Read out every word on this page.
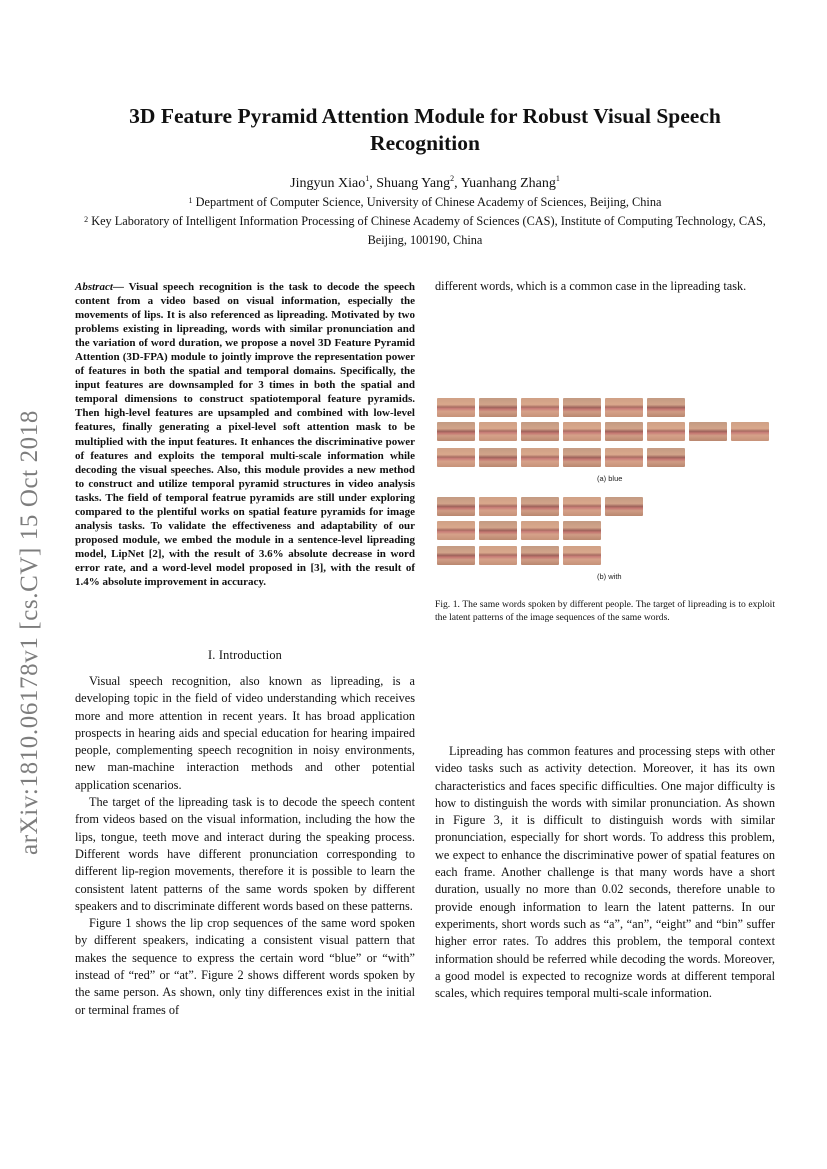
arXiv:1810.06178v1 [cs.CV] 15 Oct 2018
3D Feature Pyramid Attention Module for Robust Visual Speech Recognition
Jingyun Xiao$^1$, Shuang Yang$^2$, Yuanhang Zhang$^1$
$^1$ Department of Computer Science, University of Chinese Academy of Sciences, Beijing, China
$^2$ Key Laboratory of Intelligent Information Processing of Chinese Academy of Sciences (CAS), Institute of Computing Technology, CAS, Beijing, 100190, China
Abstract— Visual speech recognition is the task to decode the speech content from a video based on visual information, especially the movements of lips. It is also referenced as lipreading. Motivated by two problems existing in lipreading, words with similar pronunciation and the variation of word duration, we propose a novel 3D Feature Pyramid Attention (3D-FPA) module to jointly improve the representation power of features in both the spatial and temporal domains. Specifically, the input features are downsampled for 3 times in both the spatial and temporal dimensions to construct spatiotemporal feature pyramids. Then high-level features are upsampled and combined with low-level features, finally generating a pixel-level soft attention mask to be multiplied with the input features. It enhances the discriminative power of features and exploits the temporal multi-scale information while decoding the visual speeches. Also, this module provides a new method to construct and utilize temporal pyramid structures in video analysis tasks. The field of temporal featrue pyramids are still under exploring compared to the plentiful works on spatial feature pyramids for image analysis tasks. To validate the effectiveness and adaptability of our proposed module, we embed the module in a sentence-level lipreading model, LipNet [2], with the result of 3.6% absolute decrease in word error rate, and a word-level model proposed in [3], with the result of 1.4% absolute improvement in accuracy.
I. Introduction

Visual speech recognition, also known as lipreading, is a developing topic in the field of video understanding which receives more and more attention in recent years. It has broad application prospects in hearing aids and special education for hearing impaired people, complementing speech recognition in noisy environments, new man-machine interaction methods and other potential application scenarios.

The target of the lipreading task is to decode the speech content from videos based on the visual information, including the how the lips, tongue, teeth move and interact during the speaking process. Different words have different pronunciation corresponding to different lip-region movements, therefore it is possible to learn the consistent latent patterns of the same words spoken by different speakers and to discriminate different words based on these patterns.

Figure 1 shows the lip crop sequences of the same word spoken by different speakers, indicating a consistent visual pattern that makes the sequence to express the certain word “blue” or “with” instead of “red” or “at”. Figure 2 shows different words spoken by the same person. As shown, only tiny differences exist in the initial or terminal frames of

different words, which is a common case in the lipreading task.
(a) blue
(b) with
Fig. 1. The same words spoken by different people. The target of lipreading is to exploit the latent patterns of the image sequences of the same words.

Lipreading has common features and processing steps with other video tasks such as activity detection. Moreover, it has its own characteristics and faces specific difficulties. One major difficulty is how to distinguish the words with similar pronunciation. As shown in Figure 3, it is difficult to distinguish words with similar pronunciation, especially for short words. To address this problem, we expect to enhance the discriminative power of spatial features on each frame. Another challenge is that many words have a short duration, usually no more than 0.02 seconds, therefore unable to provide enough information to learn the latent patterns. In our experiments, short words such as “a”, “an”, “eight” and “bin” suffer higher error rates. To addres this problem, the temporal context information should be referred while decoding the words. Moreover, a good model is expected to recognize words at different temporal scales, which requires temporal multi-scale information.
